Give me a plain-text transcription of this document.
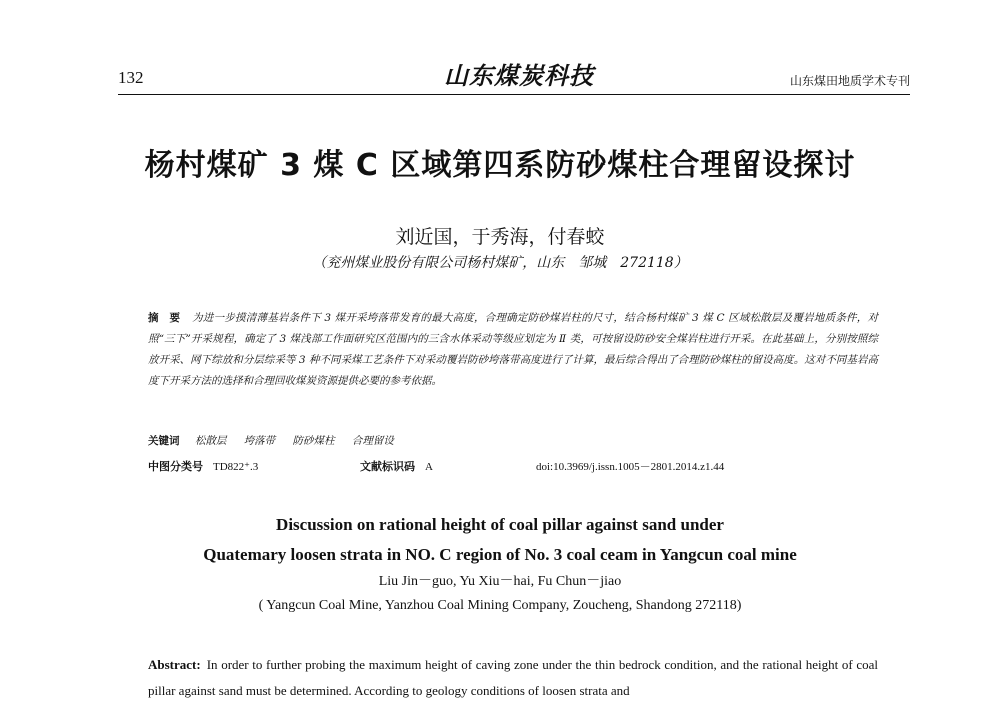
132	山东煤炭科技	山东煤田地质学术专刊
杨村煤矿 3 煤 C 区域第四系防砂煤柱合理留设探讨
刘近国，于秀海，付春蛟
（兖州煤业股份有限公司杨村煤矿，山东　邹城　272118）
摘　要 为进一步摸清薄基岩条件下 3 煤开采垮落带发育的最大高度，合理确定防砂煤岩柱的尺寸，结合杨村煤矿 3 煤 C 区域松散层及覆岩地质条件，对照“三下”开采规程，确定了 3 煤浅部工作面研究区范围内的三含水体采动等级应划定为 Ⅱ 类，可按留设防砂安全煤岩柱进行开采。在此基础上，分别按照综放开采、网下综放和分层综采等 3 种不同采煤工艺条件下对采动覆岩防砂垮落带高度进行了计算，最后综合得出了合理防砂煤柱的留设高度。这对不同基岩高度下开采方法的选择和合理回收煤炭资源提供必要的参考依据。
关键词 松散层 垮落带 防砂煤柱 合理留设
中图分类号 TD822⁺.3	文献标识码 A	doi:10.3969/j.issn.1005－2801.2014.z1.44
Discussion on rational height of coal pillar against sand under
Quatemary loosen strata in NO. C region of No. 3 coal ceam in Yangcun coal mine
Liu Jin－guo, Yu Xiu－hai, Fu Chun－jiao
( Yangcun Coal Mine, Yanzhou Coal Mining Company, Zoucheng, Shandong 272118)
Abstract: In order to further probing the maximum height of caving zone under the thin bedrock condition, and the rational height of coal pillar against sand must be determined. According to geology conditions of loosen strata and
